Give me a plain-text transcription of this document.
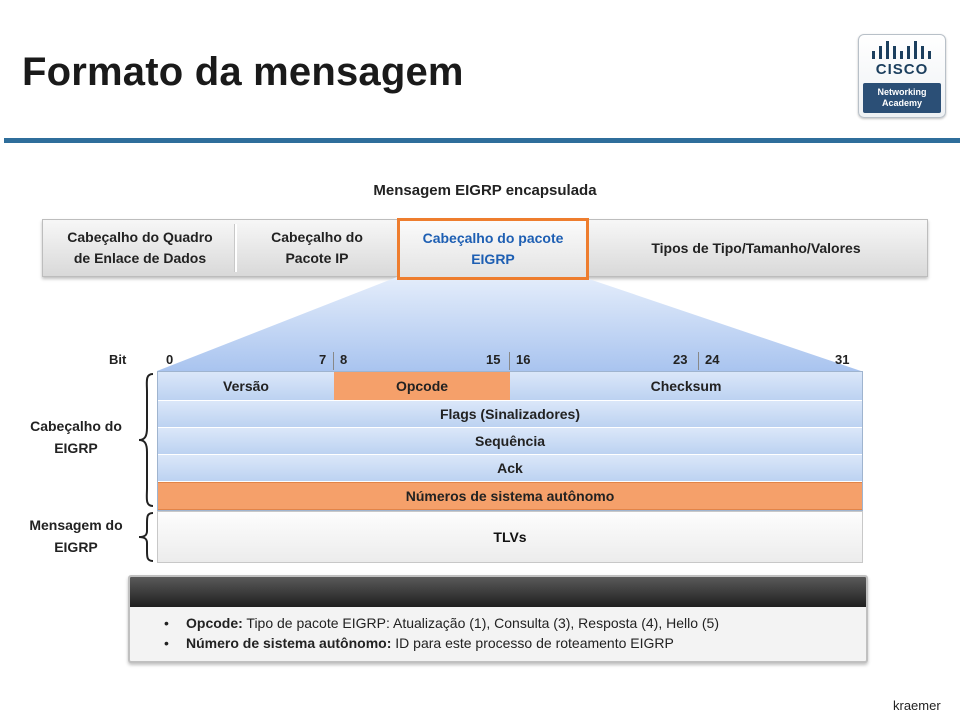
Formato da mensagem	CISCO
Networking
Academy
Mensagem EIGRP encapsulada
Cabeçalho do Quadro
de Enlace de Dados
Cabeçalho do
Pacote IP
Tipos de Tipo/Tamanho/Valores
Cabeçalho do pacote
EIGRP
Bit	0	7 8	15 16	23 24	31
Versão	Opcode	Checksum
Flags (Sinalizadores)
Sequência
Ack
Números de sistema autônomo
TLVs
Cabeçalho do
EIGRP
Mensagem do
EIGRP
• Opcode: Tipo de pacote EIGRP: Atualização (1), Consulta (3), Resposta (4), Hello (5)
• Número de sistema autônomo: ID para este processo de roteamento EIGRP
kraemer
